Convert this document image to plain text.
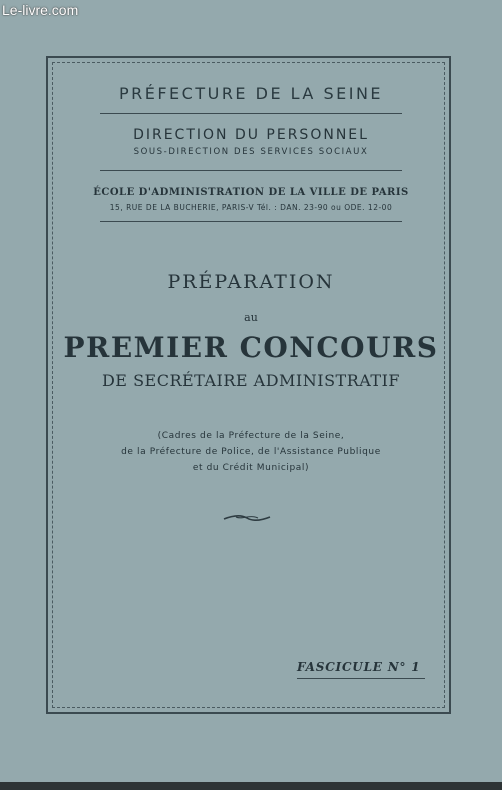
Le-livre.com
PRÉFECTURE DE LA SEINE
DIRECTION DU PERSONNEL
SOUS-DIRECTION DES SERVICES SOCIAUX
ÉCOLE D'ADMINISTRATION DE LA VILLE DE PARIS
15, RUE DE LA BUCHERIE, PARIS-V Tél. : DAN. 23-90 ou ODE. 12-00
PRÉPARATION
au
PREMIER CONCOURS
DE SECRÉTAIRE ADMINISTRATIF
(Cadres de la Préfecture de la Seine,
de la Préfecture de Police, de l'Assistance Publique
et du Crédit Municipal)
FASCICULE N° 1
